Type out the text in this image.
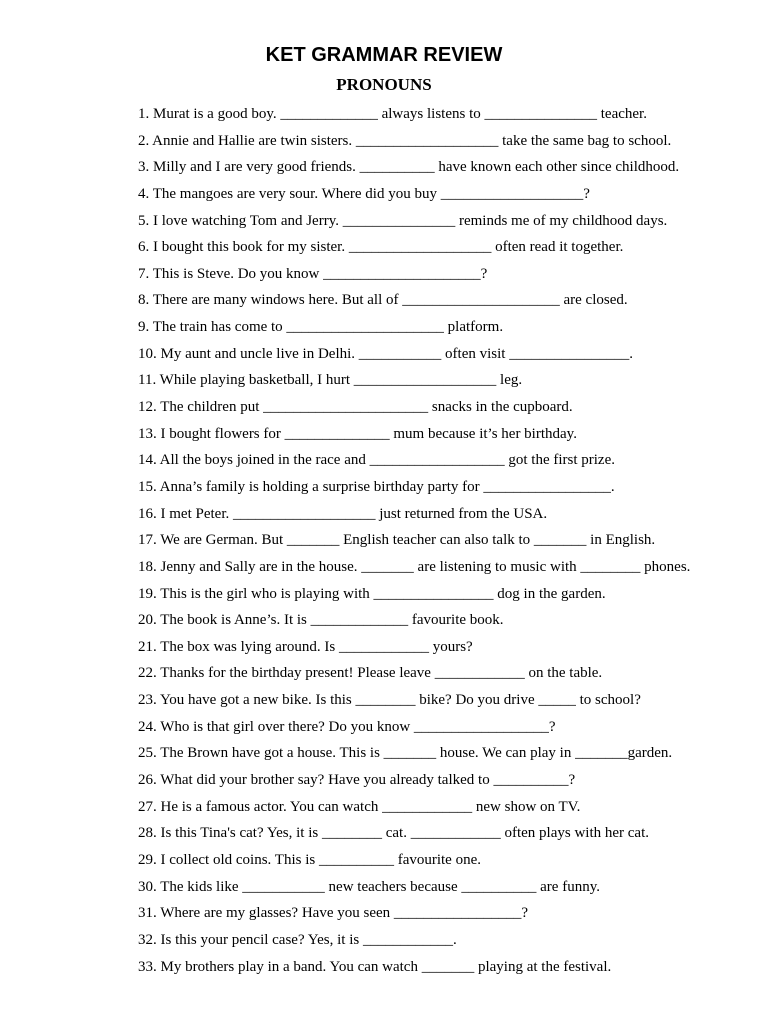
KET GRAMMAR REVIEW
PRONOUNS
1. Murat is a good boy. _____________ always listens to _______________ teacher.
2. Annie and Hallie are twin sisters. ___________________ take the same bag to school.
3. Milly and I are very good friends. __________ have known each other since childhood.
4. The mangoes are very sour. Where did you buy ___________________?
5. I love watching Tom and Jerry. _______________ reminds me of my childhood days.
6. I bought this book for my sister. ___________________ often read it together.
7. This is Steve. Do you know _____________________?
8. There are many windows here. But all of _____________________ are closed.
9. The train has come to _____________________ platform.
10. My aunt and uncle live in Delhi. ___________ often visit ________________.
11. While playing basketball, I hurt ___________________ leg.
12. The children put ______________________ snacks in the cupboard.
13. I bought flowers for ______________ mum because it’s her birthday.
14. All the boys joined in the race and __________________ got the first prize.
15. Anna’s family is holding a surprise birthday party for _________________.
16. I met Peter. ___________________ just returned from the USA.
17. We are German. But _______ English teacher can also talk to _______ in English.
18. Jenny and Sally are in the house. _______ are listening to music with ________ phones.
19. This is the girl who is playing with ________________ dog in the garden.
20. The book is Anne’s. It is _____________ favourite book.
21. The box was lying around. Is ____________ yours?
22. Thanks for the birthday present! Please leave ____________ on the table.
23. You have got a new bike. Is this ________ bike? Do you drive _____ to school?
24. Who is that girl over there? Do you know __________________?
25. The Brown have got a house. This is _______ house. We can play in _______garden.
26. What did your brother say? Have you already talked to __________?
27. He is a famous actor. You can watch ____________ new show on TV.
28. Is this Tina's cat? Yes, it is ________ cat. ____________ often plays with her cat.
29. I collect old coins. This is __________ favourite one.
30. The kids like ___________ new teachers because __________ are funny.
31. Where are my glasses? Have you seen _________________?
32. Is this your pencil case? Yes, it is ____________.
33. My brothers play in a band. You can watch _______ playing at the festival.
